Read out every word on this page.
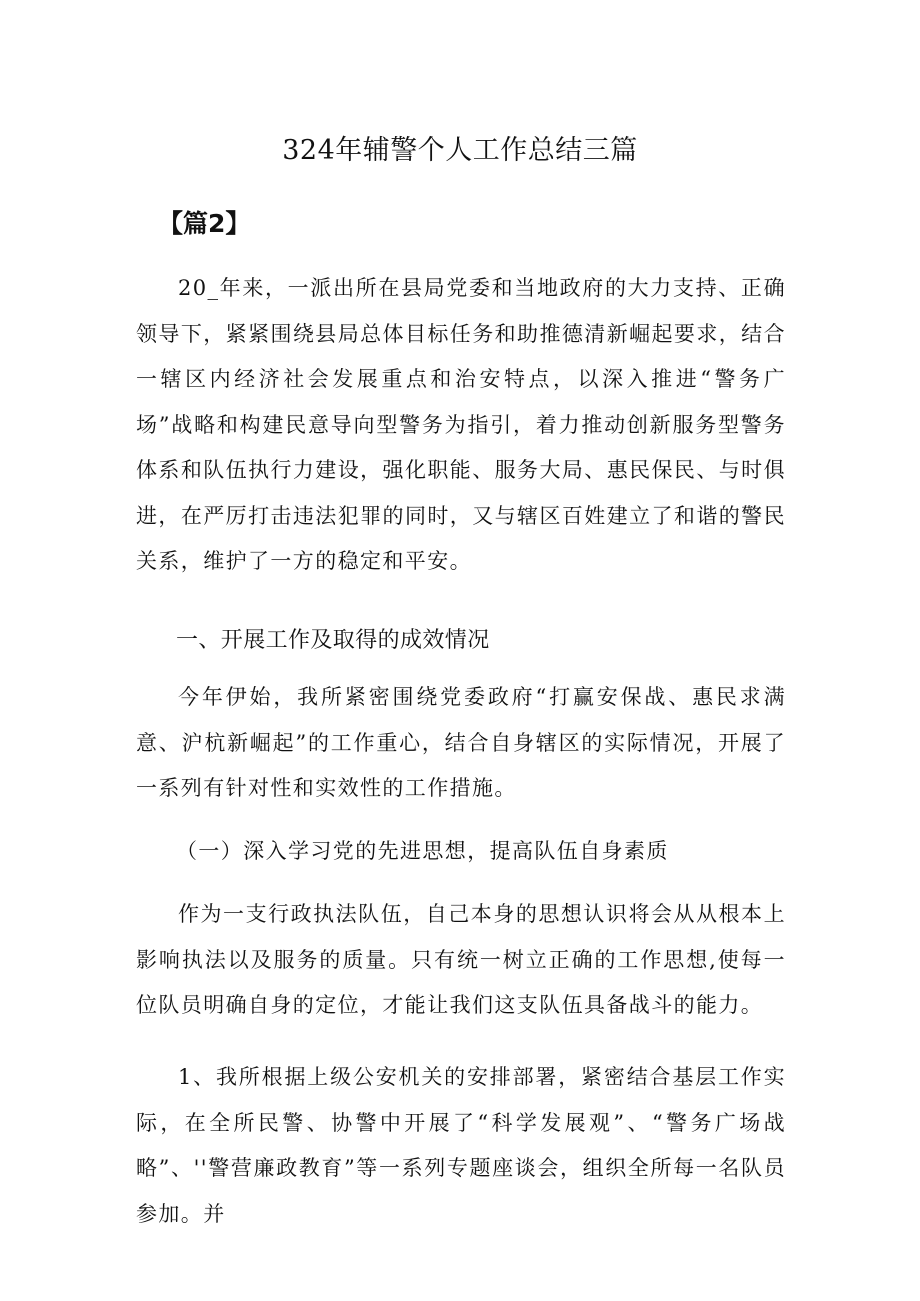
324年辅警个人工作总结三篇
【篇2】

20_年来，一派出所在县局党委和当地政府的大力支持、正确领导下，紧紧围绕县局总体目标任务和助推德清新崛起要求，结合一辖区内经济社会发展重点和治安特点，以深入推进“警务广场”战略和构建民意导向型警务为指引，着力推动创新服务型警务体系和队伍执行力建设，强化职能、服务大局、惠民保民、与时俱进，在严厉打击违法犯罪的同时，又与辖区百姓建立了和谐的警民关系，维护了一方的稳定和平安。

一、开展工作及取得的成效情况

今年伊始，我所紧密围绕党委政府“打赢安保战、惠民求满意、沪杭新崛起”的工作重心，结合自身辖区的实际情况，开展了一系列有针对性和实效性的工作措施。

（一）深入学习党的先进思想，提高队伍自身素质

作为一支行政执法队伍，自己本身的思想认识将会从从根本上影响执法以及服务的质量。只有统一树立正确的工作思想,使每一位队员明确自身的定位，才能让我们这支队伍具备战斗的能力。

1、我所根据上级公安机关的安排部署，紧密结合基层工作实际，在全所民警、协警中开展了“科学发展观”、“警务广场战略”、''警营廉政教育”等一系列专题座谈会，组织全所每一名队员参加。并
